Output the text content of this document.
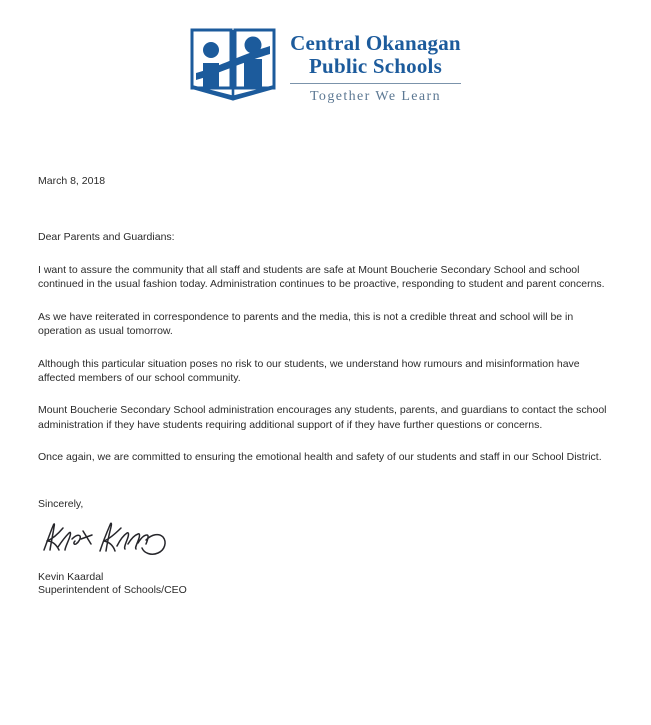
Central Okanagan
Public Schools
Together We Learn

March 8, 2018

Dear Parents and Guardians:

I want to assure the community that all staff and students are safe at Mount Boucherie Secondary School and school continued in the usual fashion today. Administration continues to be proactive, responding to student and parent concerns.

As we have reiterated in correspondence to parents and the media, this is not a credible threat and school will be in operation as usual tomorrow.

Although this particular situation poses no risk to our students, we understand how rumours and misinformation have affected members of our school community.

Mount Boucherie Secondary School administration encourages any students, parents, and guardians to contact the school administration if they have students requiring additional support of if they have further questions or concerns.

Once again, we are committed to ensuring the emotional health and safety of our students and staff in our School District.

Sincerely,

Kevin Kaardal
Superintendent of Schools/CEO
